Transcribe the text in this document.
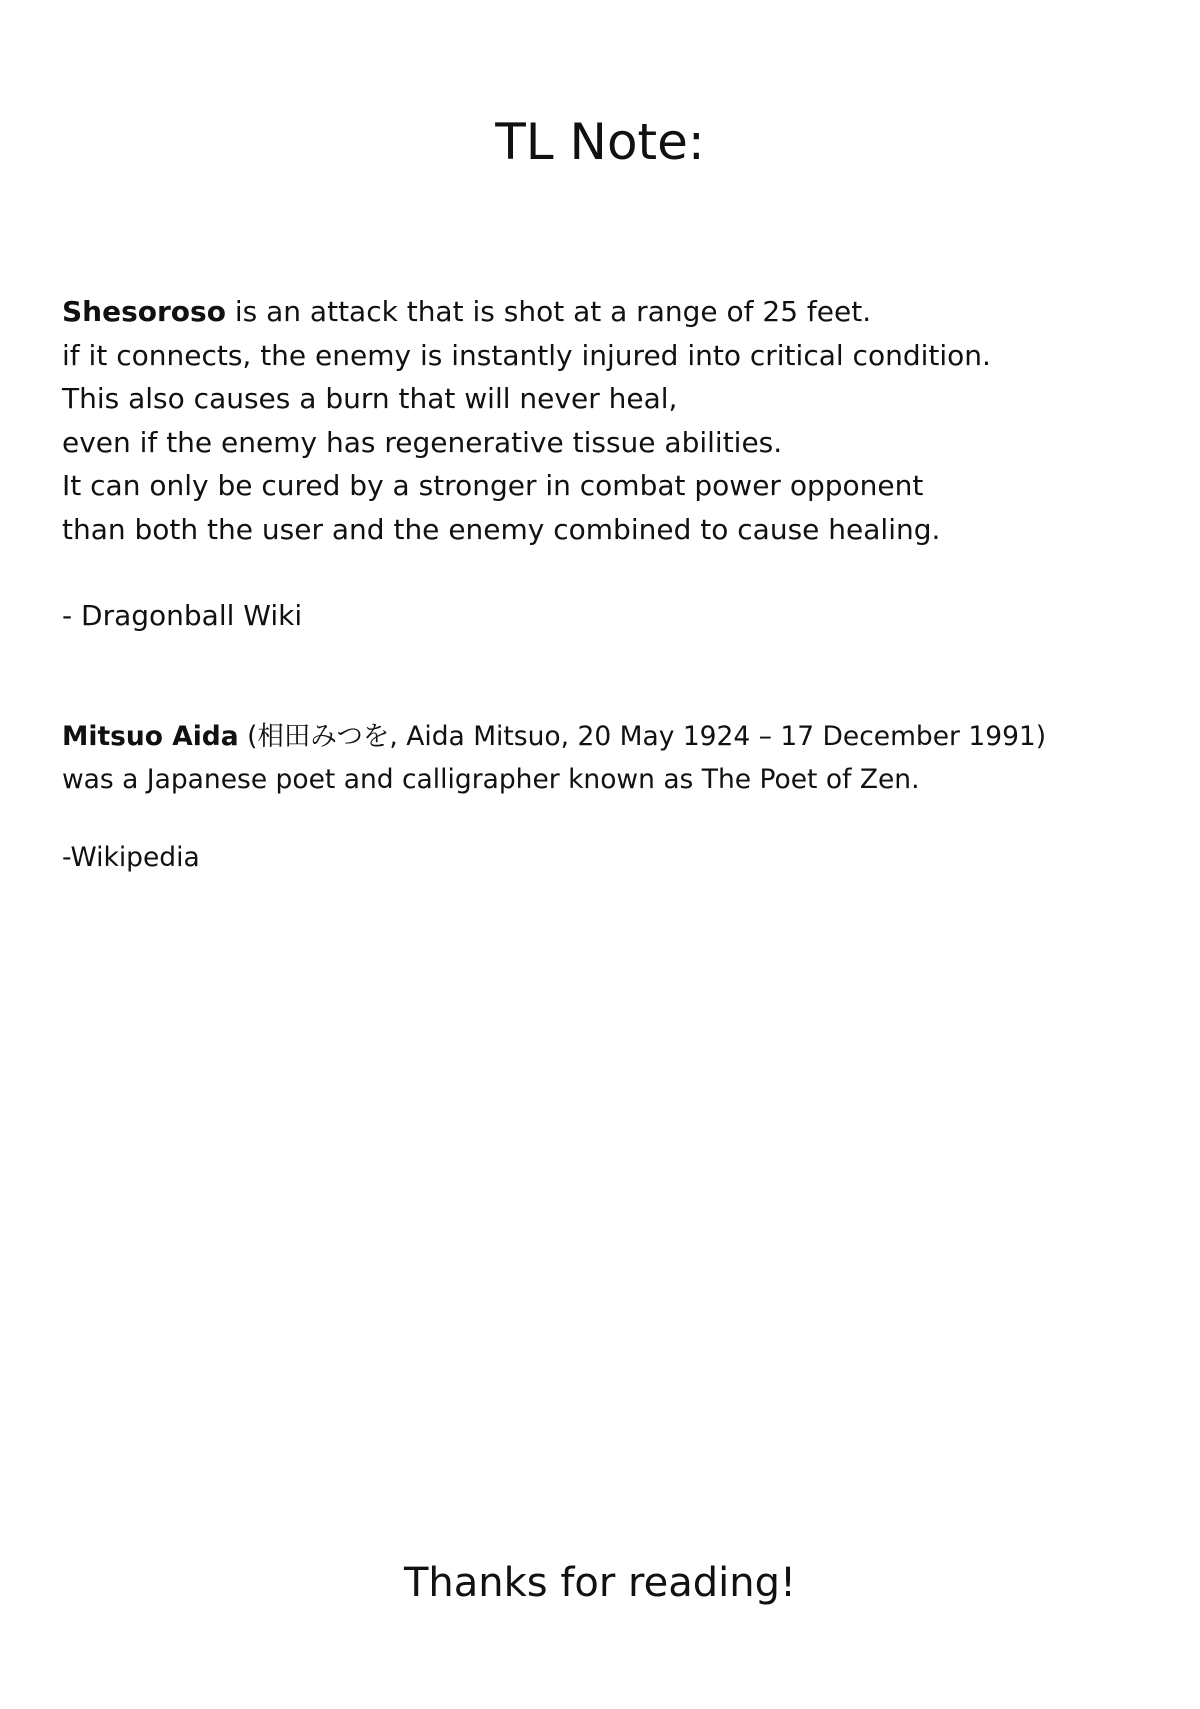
TL Note:

Shesoroso is an attack that is shot at a range of 25 feet.

if it connects, the enemy is instantly injured into critical condition.

This also causes a burn that will never heal,

even if the enemy has regenerative tissue abilities.

It can only be cured by a stronger in combat power opponent

than both the user and the enemy combined to cause healing.

- Dragonball Wiki

Mitsuo Aida (相田みつを, Aida Mitsuo, 20 May 1924 – 17 December 1991)

was a Japanese poet and calligrapher known as The Poet of Zen.

-Wikipedia

Thanks for reading!
